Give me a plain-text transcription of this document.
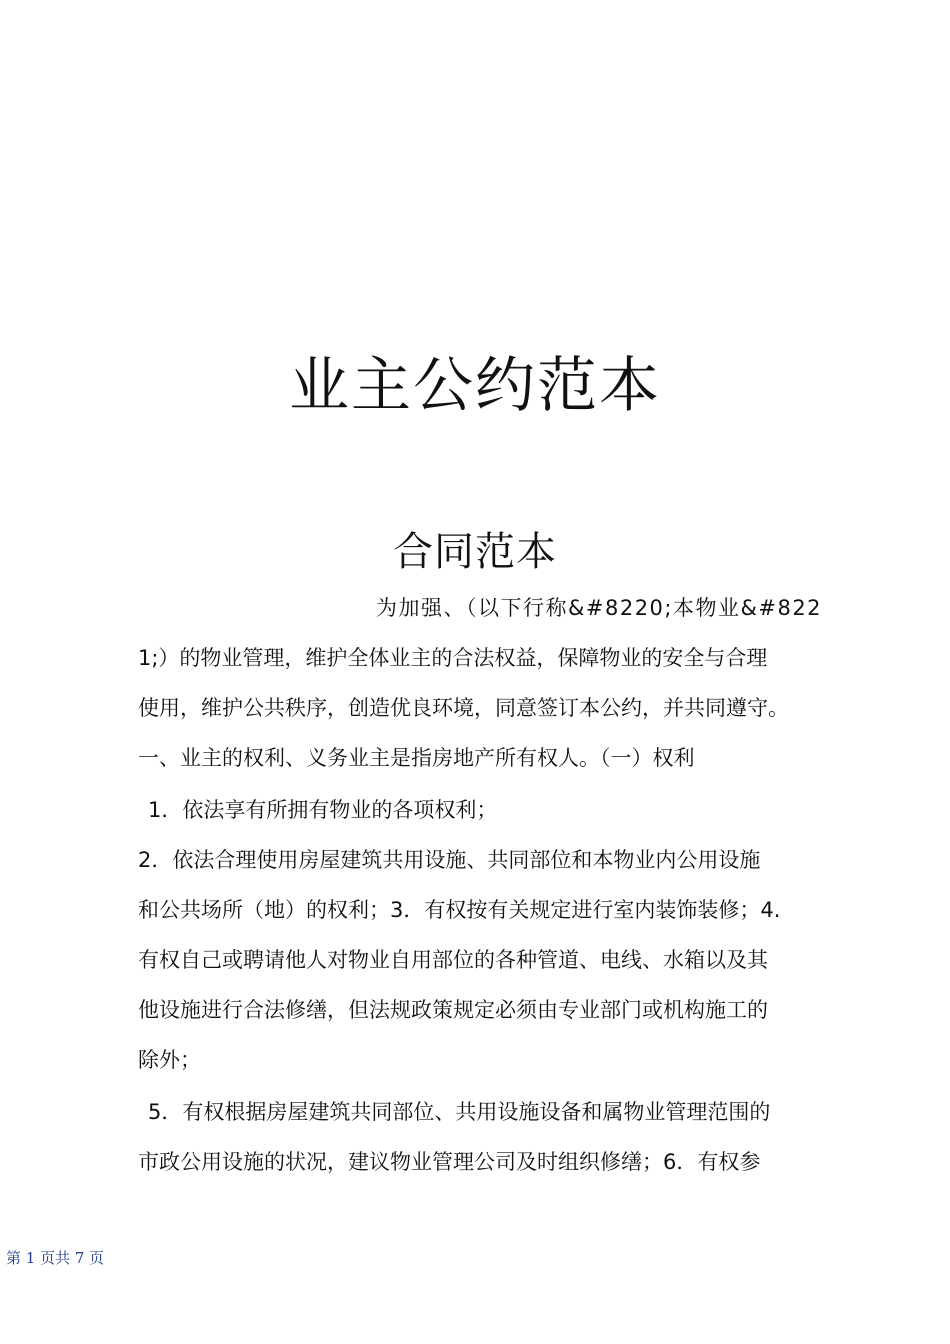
业主公约范本
合同范本
为加强、（以下行称&#8220;本物业&#822
1;）的物业管理，维护全体业主的合法权益，保障物业的安全与合理
使用，维护公共秩序，创造优良环境，同意签订本公约，并共同遵守。
一、业主的权利、义务业主是指房地产所有权人。（一）权利
1．依法享有所拥有物业的各项权利；
2．依法合理使用房屋建筑共用设施、共同部位和本物业内公用设施
和公共场所（地）的权利；3．有权按有关规定进行室内装饰装修；4.
有权自己或聘请他人对物业自用部位的各种管道、电线、水箱以及其
他设施进行合法修缮，但法规政策规定必须由专业部门或机构施工的
除外；
5．有权根据房屋建筑共同部位、共用设施设备和属物业管理范围的
市政公用设施的状况，建议物业管理公司及时组织修缮；6．有权参
第 1 页共 7 页
